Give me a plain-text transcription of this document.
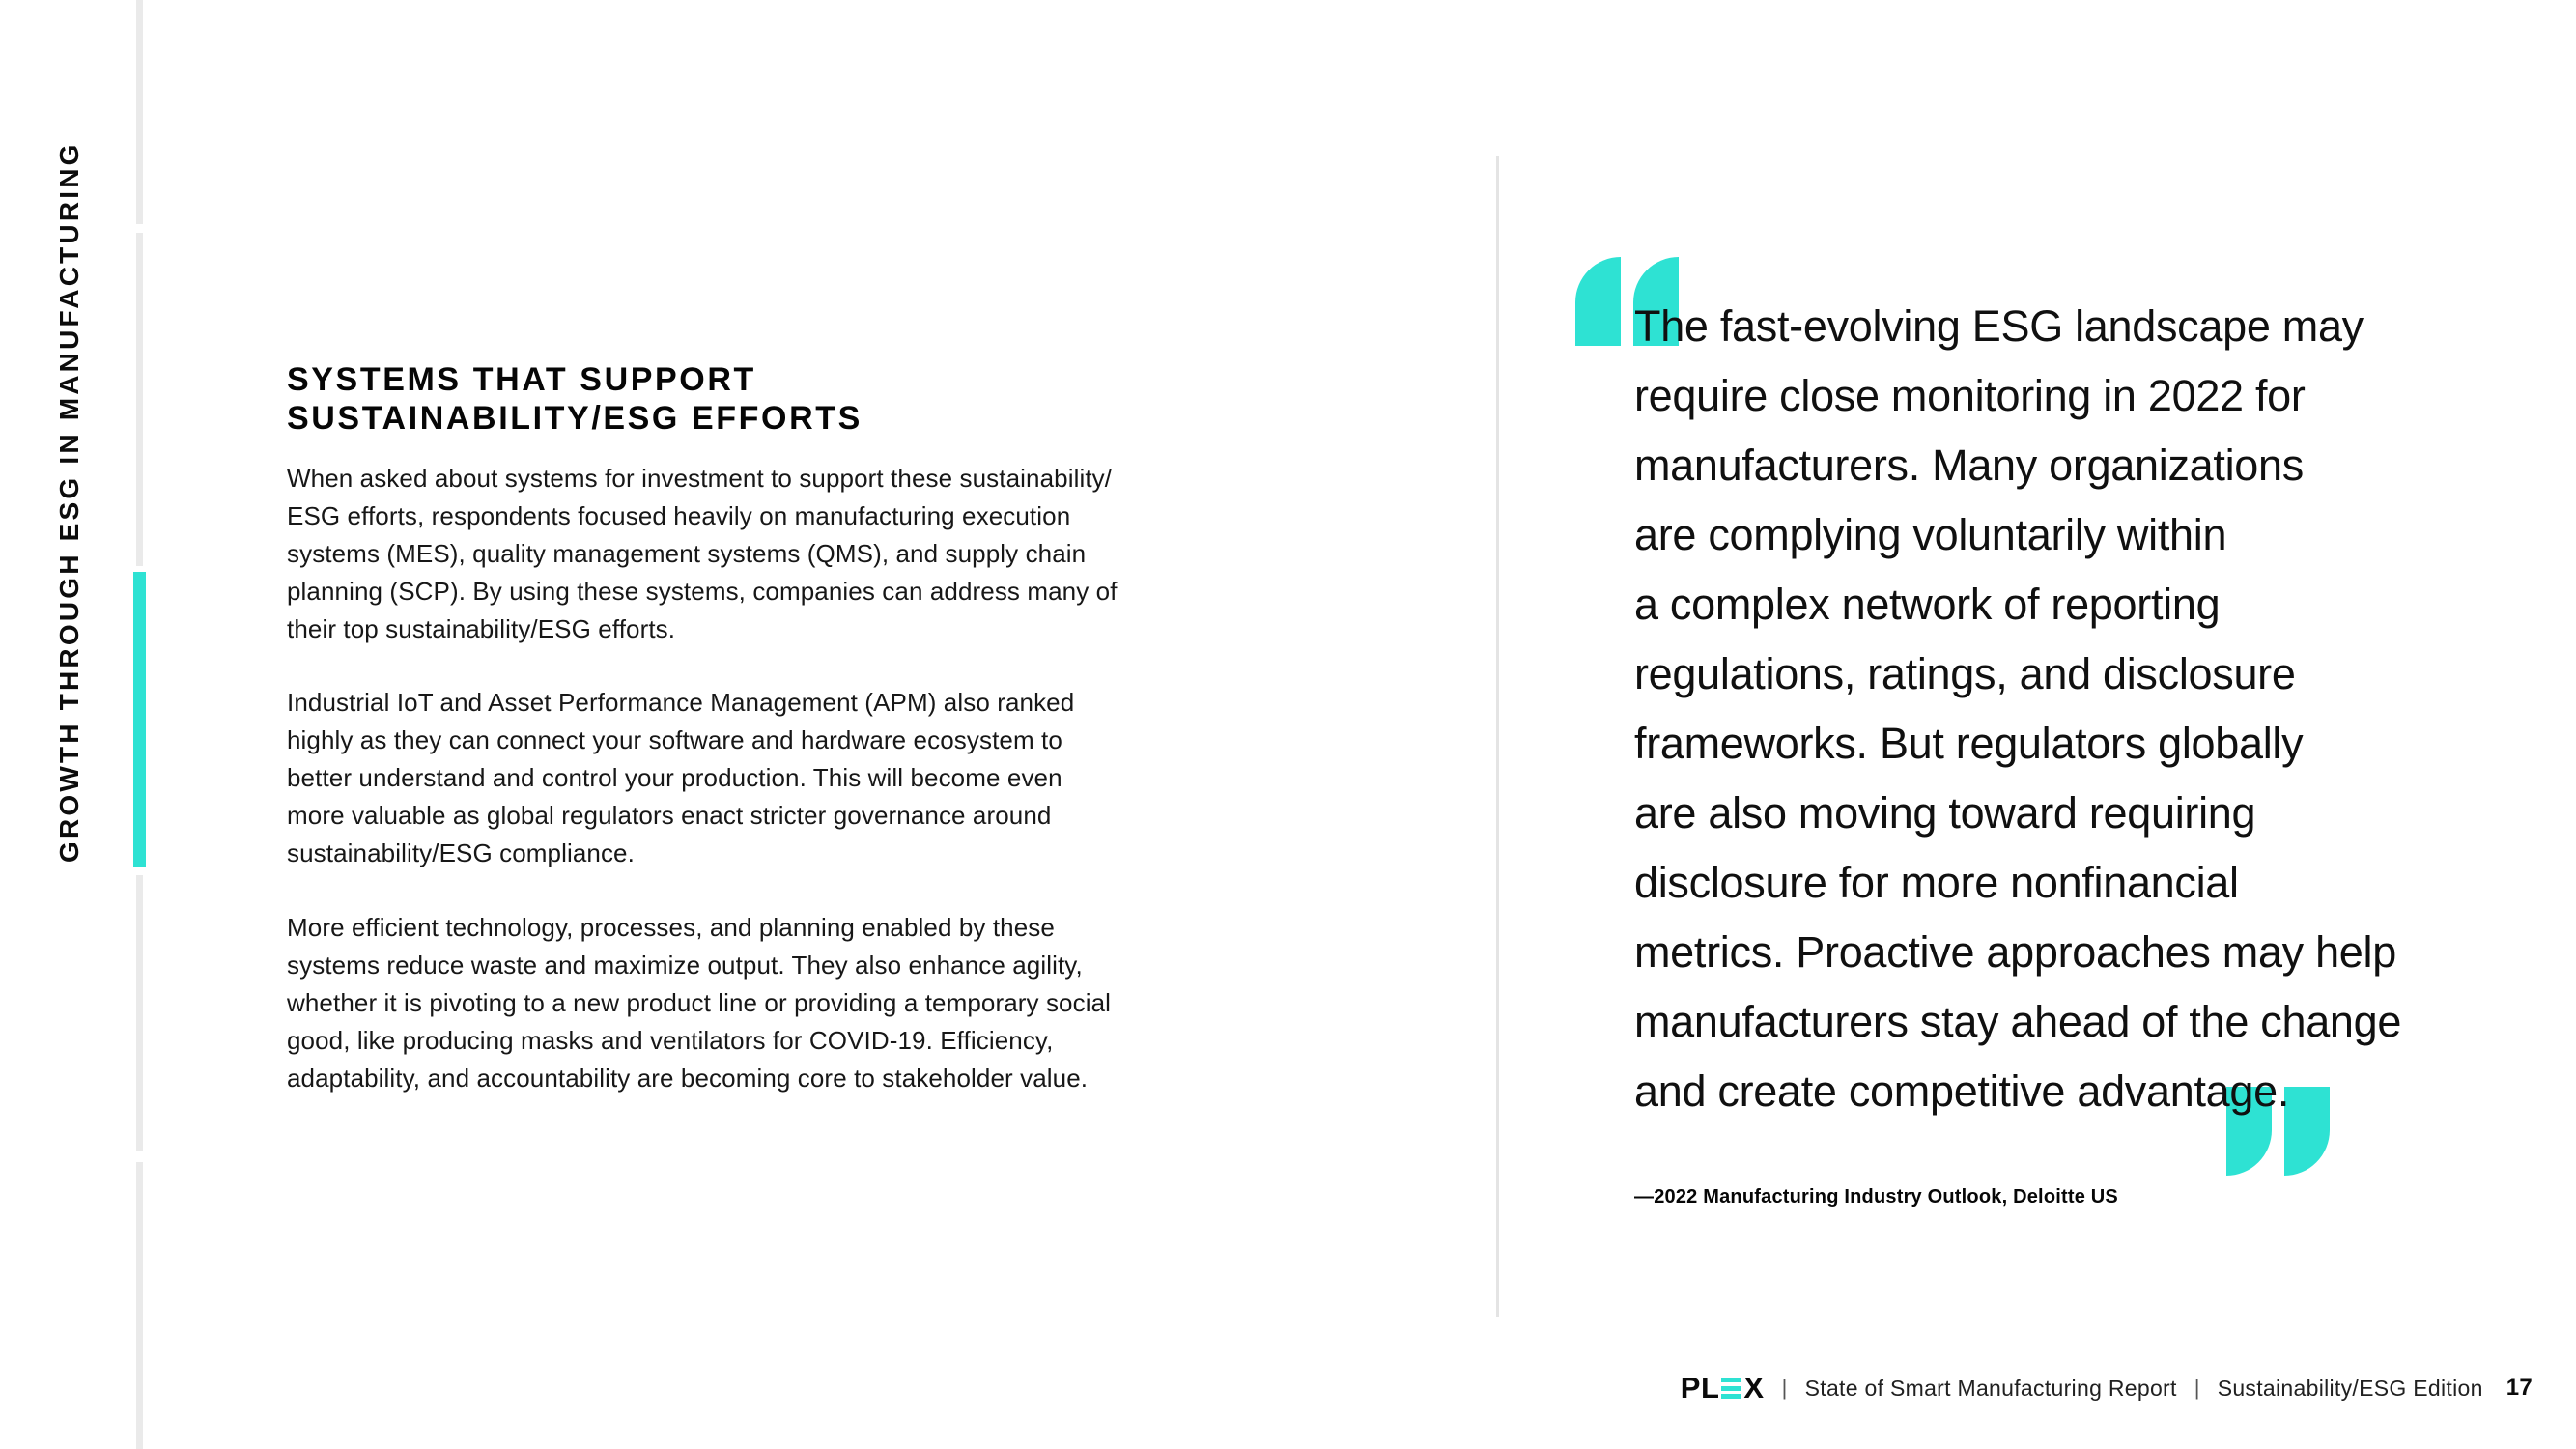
GROWTH THROUGH ESG IN MANUFACTURING	SYSTEMS THAT SUPPORT
SUSTAINABILITY/ESG EFFORTS
When asked about systems for investment to support these sustainability/
ESG efforts, respondents focused heavily on manufacturing execution
systems (MES), quality management systems (QMS), and supply chain
planning (SCP). By using these systems, companies can address many of
their top sustainability/ESG efforts.
Industrial IoT and Asset Performance Management (APM) also ranked
highly as they can connect your software and hardware ecosystem to
better understand and control your production. This will become even
more valuable as global regulators enact stricter governance around
sustainability/ESG compliance.
More efficient technology, processes, and planning enabled by these
systems reduce waste and maximize output. They also enhance agility,
whether it is pivoting to a new product line or providing a temporary social
good, like producing masks and ventilators for COVID-19. Efficiency,
adaptability, and accountability are becoming core to stakeholder value.
The fast-evolving ESG landscape may
require close monitoring in 2022 for
manufacturers. Many organizations
are complying voluntarily within
a complex network of reporting
regulations, ratings, and disclosure
frameworks. But regulators globally
are also moving toward requiring
disclosure for more nonfinancial
metrics. Proactive approaches may help
manufacturers stay ahead of the change
and create competitive advantage.
—2022 Manufacturing Industry Outlook, Deloitte US
PL X | State of Smart Manufacturing Report | Sustainability/ESG Edition 17
